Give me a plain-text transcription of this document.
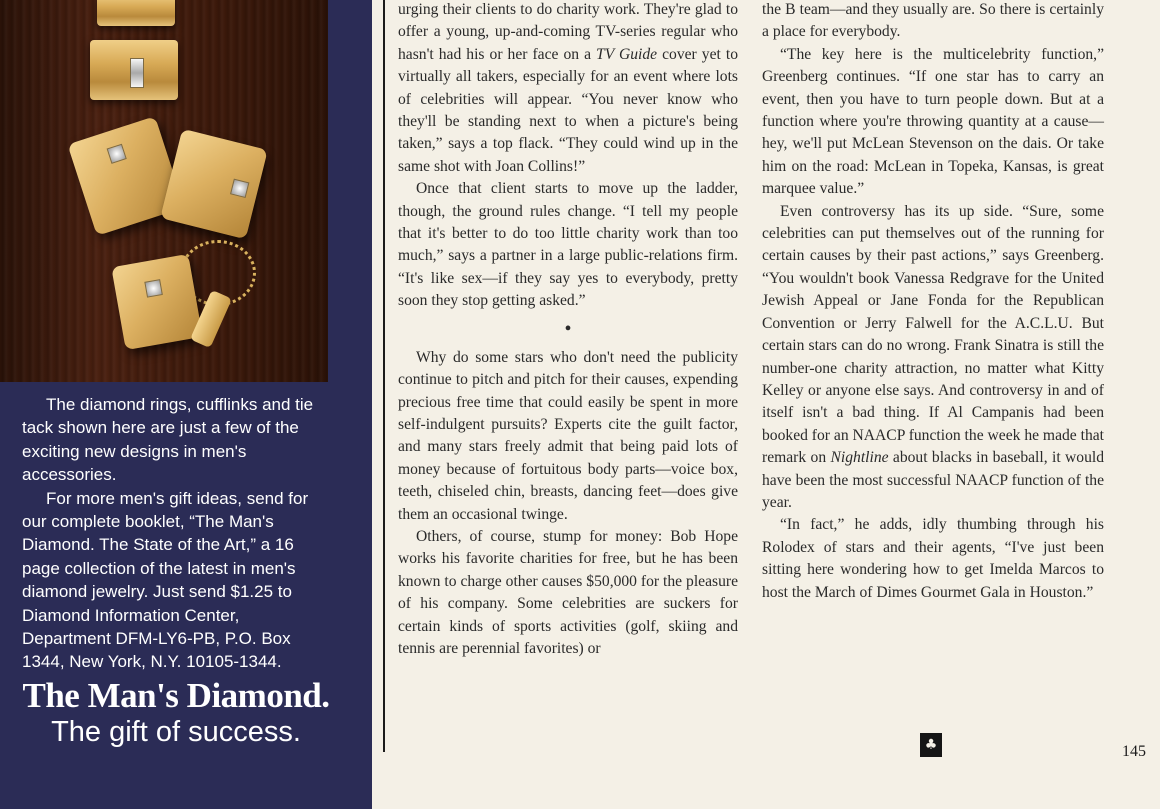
The diamond rings, cufflinks and tie tack shown here are just a few of the exciting new designs in men's accessories.

For more men's gift ideas, send for our complete booklet, “The Man's Diamond. The State of the Art,” a 16 page collection of the latest in men's diamond jewelry. Just send $1.25 to Diamond Information Center, Department DFM-LY6-PB, P.O. Box 1344, New York, N.Y. 10105-1344.

The Man's Diamond.
The gift of success.

urging their clients to do charity work. They're glad to offer a young, up-and-coming TV-series regular who hasn't had his or her face on a TV Guide cover yet to virtually all takers, especially for an event where lots of celebrities will appear. “You never know who they'll be standing next to when a picture's being taken,” says a top flack. “They could wind up in the same shot with Joan Collins!”

Once that client starts to move up the ladder, though, the ground rules change. “I tell my people that it's better to do too little charity work than too much,” says a partner in a large public-relations firm. “It's like sex—if they say yes to everybody, pretty soon they stop getting asked.”

•

Why do some stars who don't need the publicity continue to pitch and pitch for their causes, expending precious free time that could easily be spent in more self-indulgent pursuits? Experts cite the guilt factor, and many stars freely admit that being paid lots of money because of fortuitous body parts—voice box, teeth, chiseled chin, breasts, dancing feet—does give them an occasional twinge.

Others, of course, stump for money: Bob Hope works his favorite charities for free, but he has been known to charge other causes $50,000 for the pleasure of his company. Some celebrities are suckers for certain kinds of sports activities (golf, skiing and tennis are perennial favorites) or

the B team—and they usually are. So there is certainly a place for everybody.

“The key here is the multicelebrity function,” Greenberg continues. “If one star has to carry an event, then you have to turn people down. But at a function where you're throwing quantity at a cause—hey, we'll put McLean Stevenson on the dais. Or take him on the road: McLean in Topeka, Kansas, is great marquee value.”

Even controversy has its up side. “Sure, some celebrities can put themselves out of the running for certain causes by their past actions,” says Greenberg. “You wouldn't book Vanessa Redgrave for the United Jewish Appeal or Jane Fonda for the Republican Convention or Jerry Falwell for the A.C.L.U. But certain stars can do no wrong. Frank Sinatra is still the number-one charity attraction, no matter what Kitty Kelley or anyone else says. And controversy in and of itself isn't a bad thing. If Al Campanis had been booked for an NAACP function the week he made that remark on Nightline about blacks in baseball, it would have been the most successful NAACP function of the year.

“In fact,” he adds, idly thumbing through his Rolodex of stars and their agents, “I've just been sitting here wondering how to get Imelda Marcos to host the March of Dimes Gourmet Gala in Houston.”

♣	145
